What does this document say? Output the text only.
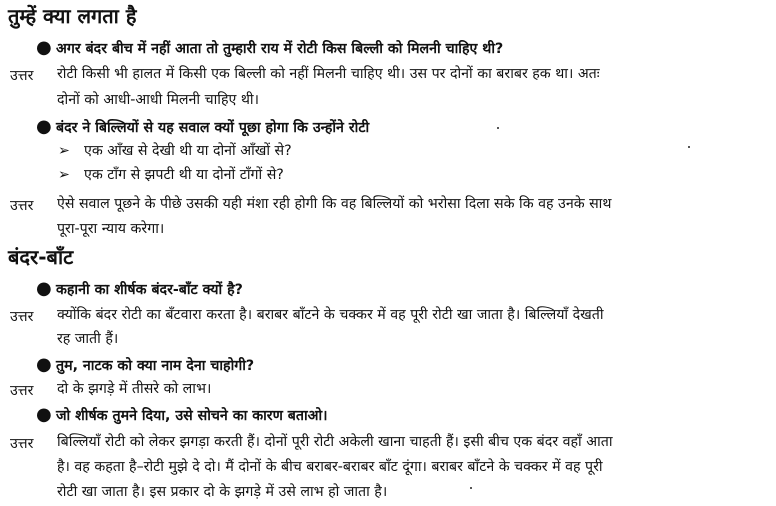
तुम्हें क्या लगता है
● अगर बंदर बीच में नहीं आता तो तुम्हारी राय में रोटी किस बिल्ली को मिलनी चाहिए थी?
उत्तर रोटी किसी भी हालत में किसी एक बिल्ली को नहीं मिलनी चाहिए थी। उस पर दोनों का बराबर हक था। अतः
दोनों को आधी-आधी मिलनी चाहिए थी।
● बंदर ने बिल्लियों से यह सवाल क्यों पूछा होगा कि उन्होंने रोटी
➢ एक आँख से देखी थी या दोनों आँखों से?
➢ एक टाँग से झपटी थी या दोनों टाँगों से?
उत्तर ऐसे सवाल पूछने के पीछे उसकी यही मंशा रही होगी कि वह बिल्लियों को भरोसा दिला सके कि वह उनके साथ
पूरा-पूरा न्याय करेगा।
बंदर-बाँट
● कहानी का शीर्षक बंदर-बाँट क्यों है?
उत्तर क्योंकि बंदर रोटी का बँटवारा करता है। बराबर बाँटने के चक्कर में वह पूरी रोटी खा जाता है। बिल्लियाँ देखती
रह जाती हैं।
● तुम, नाटक को क्या नाम देना चाहोगी?
उत्तर दो के झगड़े में तीसरे को लाभ।
● जो शीर्षक तुमने दिया, उसे सोचने का कारण बताओ।
उत्तर बिल्लियाँ रोटी को लेकर झगड़ा करती हैं। दोनों पूरी रोटी अकेली खाना चाहती हैं। इसी बीच एक बंदर वहाँ आता
है। वह कहता है–रोटी मुझे दे दो। मैं दोनों के बीच बराबर-बराबर बाँट दूंगा। बराबर बाँटने के चक्कर में वह पूरी
रोटी खा जाता है। इस प्रकार दो के झगड़े में उसे लाभ हो जाता है।
